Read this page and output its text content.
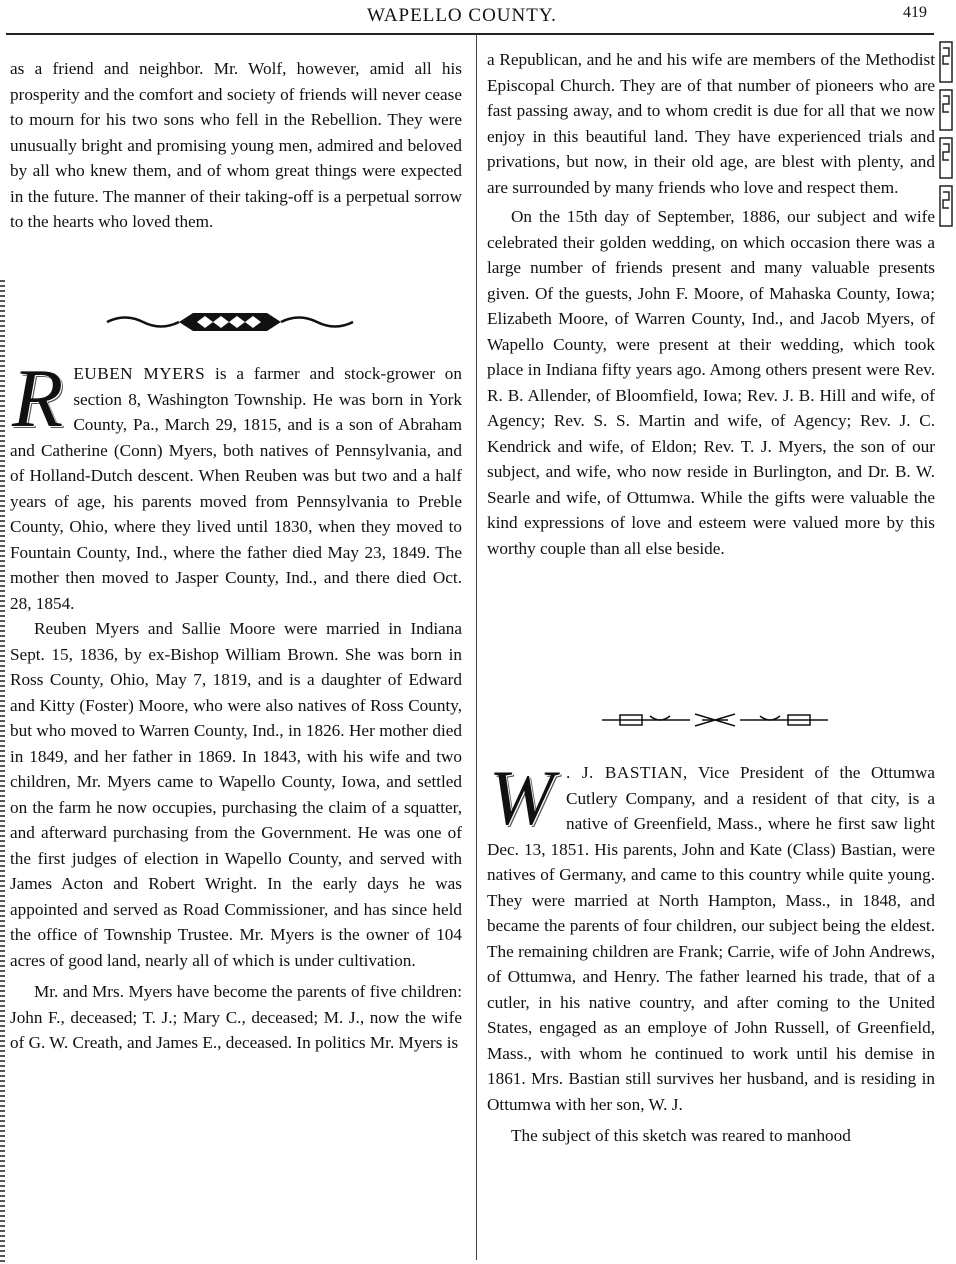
WAPELLO COUNTY.	419

as a friend and neighbor. Mr. Wolf, however, amid all his prosperity and the comfort and society of friends will never cease to mourn for his two sons who fell in the Rebellion. They were unusually bright and promising young men, admired and beloved by all who knew them, and of whom great things were expected in the future. The manner of their taking-off is a perpetual sorrow to the hearts who loved them.

REUBEN MYERS is a farmer and stock-grower on section 8, Washington Township. He was born in York County, Pa., March 29, 1815, and is a son of Abraham and Catherine (Conn) Myers, both natives of Pennsylvania, and of Holland-Dutch descent. When Reuben was but two and a half years of age, his parents moved from Pennsylvania to Preble County, Ohio, where they lived until 1830, when they moved to Fountain County, Ind., where the father died May 23, 1849. The mother then moved to Jasper County, Ind., and there died Oct. 28, 1854.

Reuben Myers and Sallie Moore were married in Indiana Sept. 15, 1836, by ex-Bishop William Brown. She was born in Ross County, Ohio, May 7, 1819, and is a daughter of Edward and Kitty (Foster) Moore, who were also natives of Ross County, but who moved to Warren County, Ind., in 1826. Her mother died in 1849, and her father in 1869. In 1843, with his wife and two children, Mr. Myers came to Wapello County, Iowa, and settled on the farm he now occupies, purchasing the claim of a squatter, and afterward purchasing from the Government. He was one of the first judges of election in Wapello County, and served with James Acton and Robert Wright. In the early days he was appointed and served as Road Commissioner, and has since held the office of Township Trustee. Mr. Myers is the owner of 104 acres of good land, nearly all of which is under cultivation.

Mr. and Mrs. Myers have become the parents of five children: John F., deceased; T. J.; Mary C., deceased; M. J., now the wife of G. W. Creath, and James E., deceased. In politics Mr. Myers is

a Republican, and he and his wife are members of the Methodist Episcopal Church. They are of that number of pioneers who are fast passing away, and to whom credit is due for all that we now enjoy in this beautiful land. They have experienced trials and privations, but now, in their old age, are blest with plenty, and are surrounded by many friends who love and respect them.

On the 15th day of September, 1886, our subject and wife celebrated their golden wedding, on which occasion there was a large number of friends present and many valuable presents given. Of the guests, John F. Moore, of Mahaska County, Iowa; Elizabeth Moore, of Warren County, Ind., and Jacob Myers, of Wapello County, were present at their wedding, which took place in Indiana fifty years ago. Among others present were Rev. R. B. Allender, of Bloomfield, Iowa; Rev. J. B. Hill and wife, of Agency; Rev. S. S. Martin and wife, of Agency; Rev. J. C. Kendrick and wife, of Eldon; Rev. T. J. Myers, the son of our subject, and wife, who now reside in Burlington, and Dr. B. W. Searle and wife, of Ottumwa. While the gifts were valuable the kind expressions of love and esteem were valued more by this worthy couple than all else beside.

W . J. BASTIAN, Vice President of the Ottumwa Cutlery Company, and a resident of that city, is a native of Greenfield, Mass., where he first saw light Dec. 13, 1851. His parents, John and Kate (Class) Bastian, were natives of Germany, and came to this country while quite young. They were married at North Hampton, Mass., in 1848, and became the parents of four children, our subject being the eldest. The remaining children are Frank; Carrie, wife of John Andrews, of Ottumwa, and Henry. The father learned his trade, that of a cutler, in his native country, and after coming to the United States, engaged as an employe of John Russell, of Greenfield, Mass., with whom he continued to work until his demise in 1861. Mrs. Bastian still survives her husband, and is residing in Ottumwa with her son, W. J.

The subject of this sketch was reared to manhood
